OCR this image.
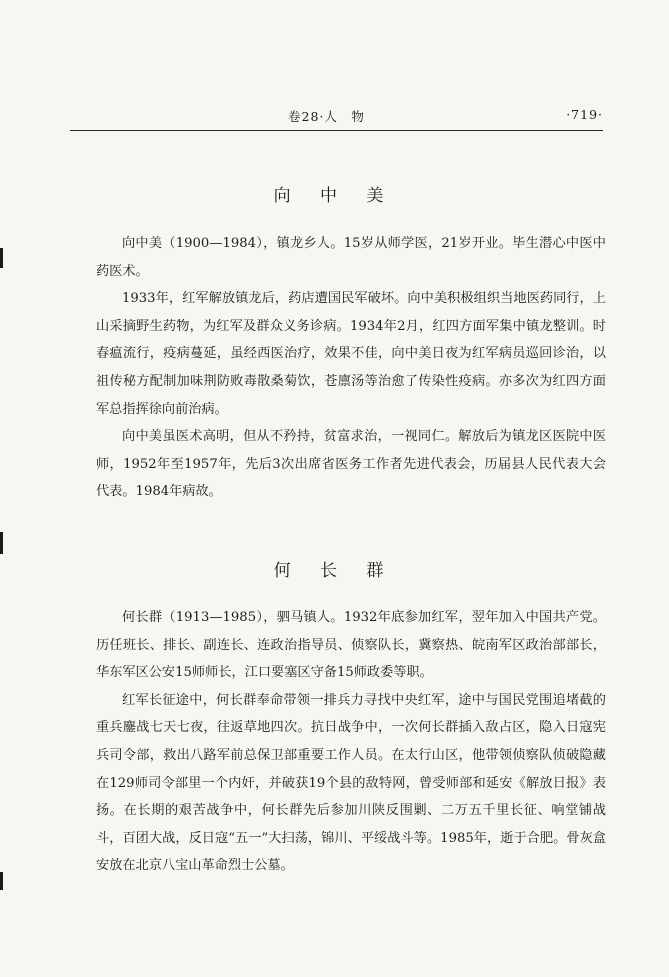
卷28·人　物	·719·
向 中 美

向中美（1900—1984），镇龙乡人。15岁从师学医，21岁开业。毕生潜心中医中药医术。

1933年，红军解放镇龙后，药店遭国民军破坏。向中美积极组织当地医药同行，上山采摘野生药物，为红军及群众义务诊病。1934年2月，红四方面军集中镇龙整训。时春瘟流行，疫病蔓延，虽经西医治疗，效果不佳，向中美日夜为红军病员巡回诊治，以祖传秘方配制加味荆防败毒散桑菊饮，苍廪汤等治愈了传染性疫病。亦多次为红四方面军总指挥徐向前治病。

向中美虽医术高明，但从不矜持，贫富求治，一视同仁。解放后为镇龙区医院中医师，1952年至1957年，先后3次出席省医务工作者先进代表会，历届县人民代表大会代表。1984年病故。

何 长 群

何长群（1913—1985），驷马镇人。1932年底参加红军，翌年加入中国共产党。历任班长、排长、副连长、连政治指导员、侦察队长，冀察热、皖南军区政治部部长，华东军区公安15师师长，江口要塞区守备15师政委等职。

红军长征途中，何长群奉命带领一排兵力寻找中央红军，途中与国民党围追堵截的重兵鏖战七天七夜，往返草地四次。抗日战争中，一次何长群插入敌占区，隐入日寇宪兵司令部，救出八路军前总保卫部重要工作人员。在太行山区，他带领侦察队侦破隐藏在129师司令部里一个内奸，并破获19个县的敌特网，曾受师部和延安《解放日报》表扬。在长期的艰苦战争中，何长群先后参加川陕反围剿、二万五千里长征、响堂铺战斗，百团大战，反日寇“五一”大扫荡，锦川、平绥战斗等。1985年，逝于合肥。骨灰盒安放在北京八宝山革命烈士公墓。
